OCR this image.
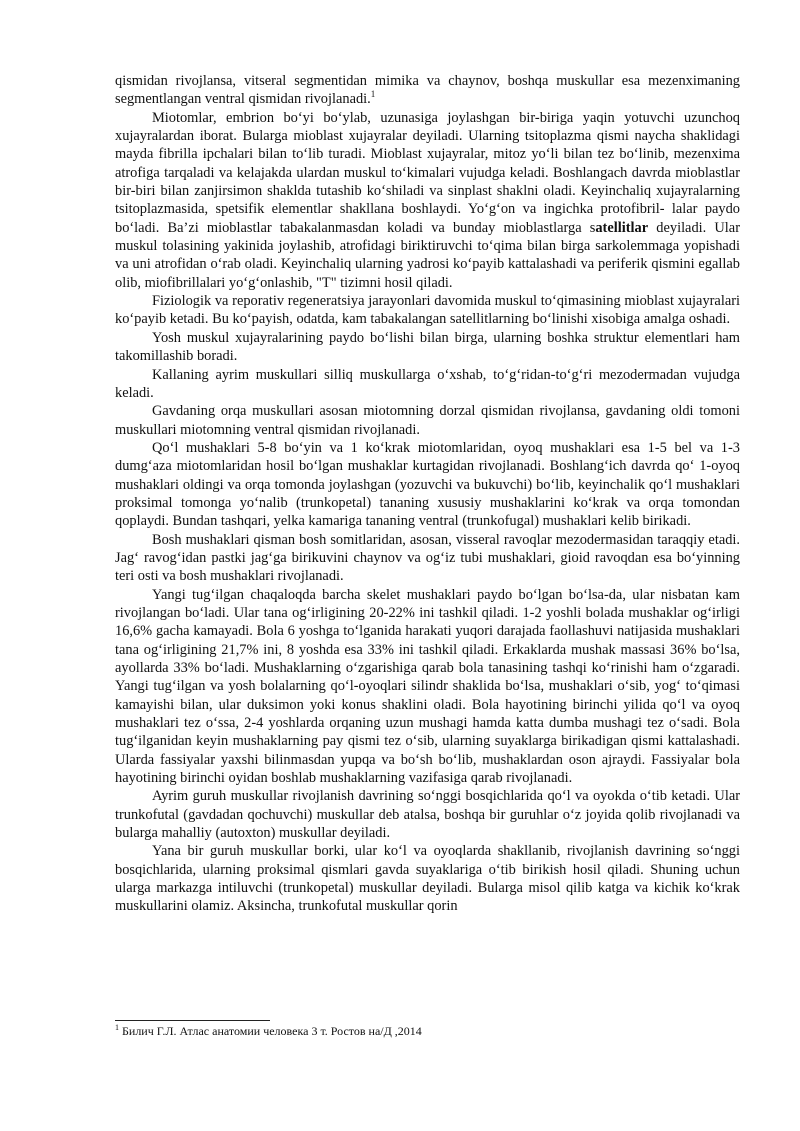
qismidan rivojlansa, vitseral segmentidan mimika va chaynov, boshqa muskullar esa mezenximaning segmentlangan ventral qismidan rivojlanadi.$^1$

Miotomlar, embrion bo‘yi bo‘ylab, uzunasiga joylashgan bir-biriga yaqin yotuvchi uzunchoq xujayralardan iborat. Bularga mioblast xujayralar deyiladi. Ularning tsitoplazma qismi naycha shaklidagi mayda fibrilla ipchalari bilan to‘lib turadi. Mioblast xujayralar, mitoz yo‘li bilan tez bo‘linib, mezenxima atrofiga tarqaladi va kelajakda ulardan muskul to‘kimalari vujudga keladi. Boshlangach davrda mioblastlar bir-biri bilan zanjirsimon shaklda tutashib ko‘shiladi va sinplast shaklni oladi. Keyinchaliq xujayralarning tsitoplazmasida, spetsifik elementlar shakllana boshlaydi. Yo‘g‘on va ingichka protofibril- lalar paydo bo‘ladi. Ba’zi mioblastlar tabakalanmasdan koladi va bunday mioblastlarga satellitlar deyiladi. Ular muskul tolasining yakinida joylashib, atrofidagi biriktiruvchi to‘qima bilan birga sarkolemmaga yopishadi va uni atrofidan o‘rab oladi. Keyinchaliq ularning yadrosi ko‘payib kattalashadi va periferik qismini egallab olib, miofibrillalari yo‘g‘onlashib, "T" tizimni hosil qiladi.

Fiziologik va reporativ regeneratsiya jarayonlari davomida muskul to‘qimasining mioblast xujayralari ko‘payib ketadi. Bu ko‘payish, odatda, kam tabakalangan satellitlarning bo‘linishi xisobiga amalga oshadi.

Yosh muskul xujayralarining paydo bo‘lishi bilan birga, ularning boshka struktur elementlari ham takomillashib boradi.

Kallaning ayrim muskullari silliq muskullarga o‘xshab, to‘g‘ridan-to‘g‘ri mezodermadan vujudga keladi.

Gavdaning orqa muskullari asosan miotomning dorzal qismidan rivojlansa, gavdaning oldi tomoni muskullari miotomning ventral qismidan rivojlanadi.

Qo‘l mushaklari 5-8 bo‘yin va 1 ko‘krak miotomlaridan, oyoq mushaklari esa 1-5 bel va 1-3 dumg‘aza miotomlaridan hosil bo‘lgan mushaklar kurtagidan rivojlanadi. Boshlang‘ich davrda qo‘ 1-oyoq mushaklari oldingi va orqa tomonda joylashgan (yozuvchi va bukuvchi) bo‘lib, keyinchalik qo‘l mushaklari proksimal tomonga yo‘nalib (trunkopetal) tananing xususiy mushaklarini ko‘krak va orqa tomondan qoplaydi. Bundan tashqari, yelka kamariga tananing ventral (trunkofugal) mushaklari kelib birikadi.

Bosh mushaklari qisman bosh somitlaridan, asosan, visseral ravoqlar mezodermasidan taraqqiy etadi. Jag‘ ravog‘idan pastki jag‘ga birikuvini chaynov va og‘iz tubi mushaklari, gioid ravoqdan esa bo‘yinning teri osti va bosh mushaklari rivojlanadi.

Yangi tug‘ilgan chaqaloqda barcha skelet mushaklari paydo bo‘lgan bo‘lsa-da, ular nisbatan kam rivojlangan bo‘ladi. Ular tana og‘irligining 20-22% ini tashkil qiladi. 1-2 yoshli bolada mushaklar og‘irligi 16,6% gacha kamayadi. Bola 6 yoshga to‘lganida harakati yuqori darajada faollashuvi natijasida mushaklari tana og‘irligining 21,7% ini, 8 yoshda esa 33% ini tashkil qiladi. Erkaklarda mushak massasi 36% bo‘lsa, ayollarda 33% bo‘ladi. Mushaklarning o‘zgarishiga qarab bola tanasining tashqi ko‘rinishi ham o‘zgaradi. Yangi tug‘ilgan va yosh bolalarning qo‘l-oyoqlari silindr shaklida bo‘lsa, mushaklari o‘sib, yog‘ to‘qimasi kamayishi bilan, ular duksimon yoki konus shaklini oladi. Bola hayotining birinchi yilida qo‘l va oyoq mushaklari tez o‘ssa, 2-4 yoshlarda orqaning uzun mushagi hamda katta dumba mushagi tez o‘sadi. Bola tug‘ilganidan keyin mushaklarning pay qismi tez o‘sib, ularning suyaklarga birikadigan qismi kattalashadi. Ularda fassiyalar yaxshi bilinmasdan yupqa va bo‘sh bo‘lib, mushaklardan oson ajraydi. Fassiyalar bola hayotining birinchi oyidan boshlab mushaklarning vazifasiga qarab rivojlanadi.

Ayrim guruh muskullar rivojlanish davrining so‘nggi bosqichlarida qo‘l va oyokda o‘tib ketadi. Ular trunkofutal (gavdadan qochuvchi) muskullar deb atalsa, boshqa bir guruhlar o‘z joyida qolib rivojlanadi va bularga mahalliy (autoxton) muskullar deyiladi.

Yana bir guruh muskullar borki, ular ko‘l va oyoqlarda shakllanib, rivojlanish davrining so‘nggi bosqichlarida, ularning proksimal qismlari gavda suyaklariga o‘tib birikish hosil qiladi. Shuning uchun ularga markazga intiluvchi (trunkopetal) muskullar deyiladi. Bularga misol qilib katga va kichik ko‘krak muskullarini olamiz. Aksincha, trunkofutal muskullar qorin

$^1$ Билич Г.Л. Атлас анатомии человека 3 т. Ростов на/Д ,2014
